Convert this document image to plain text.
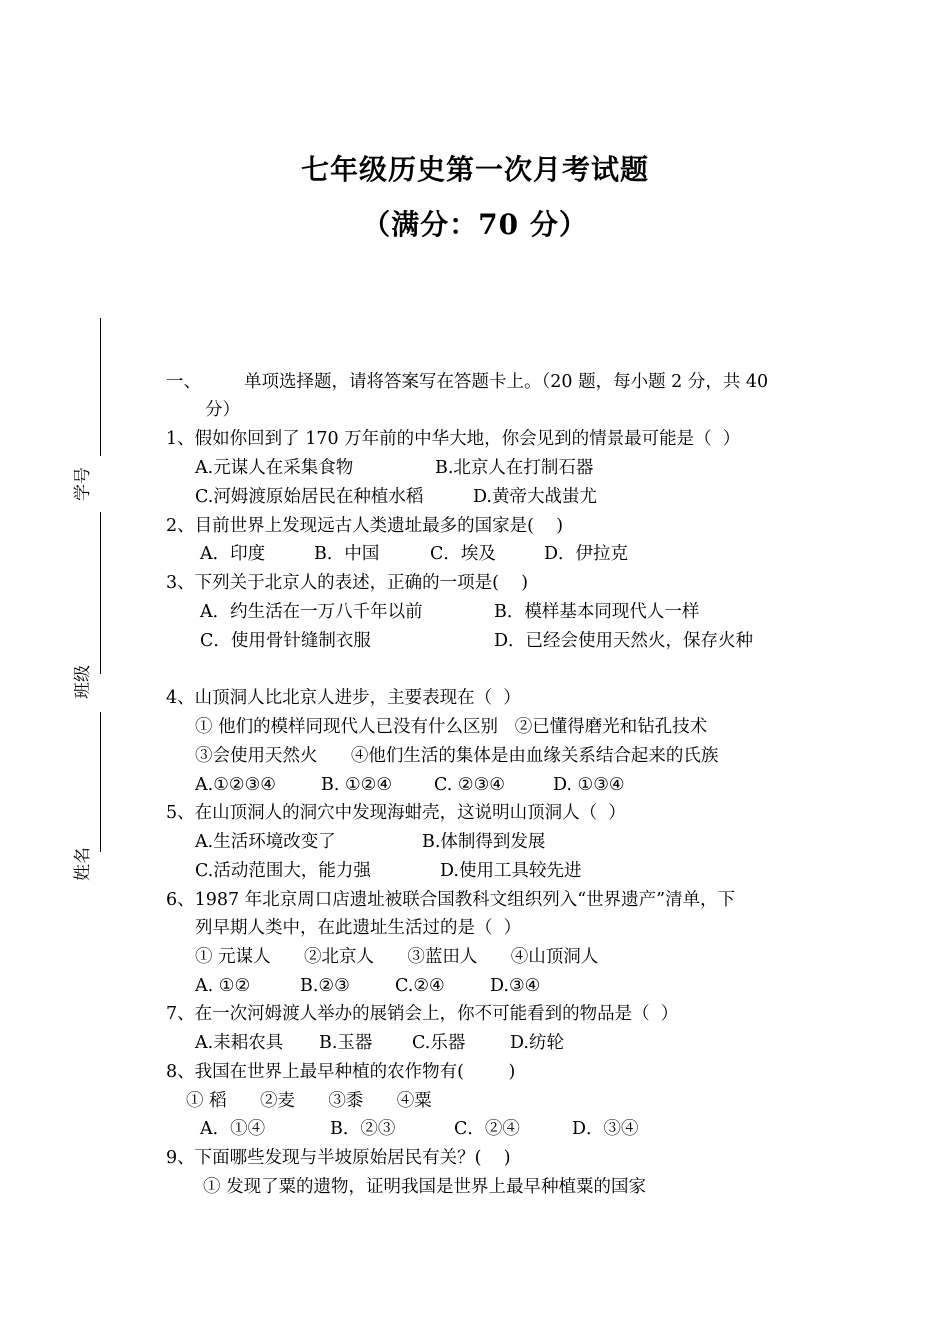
七年级历史第一次月考试题
（满分：70 分）
学号
班级
姓名
一、 单项选择题，请将答案写在答题卡上。（20 题，每小题 2 分，共 40
分）
1、假如你回到了 170 万年前的中华大地，你会见到的情景最可能是（  ）
A.元谋人在采集食物	B.北京人在打制石器
C.河姆渡原始居民在种植水稻	D.黄帝大战蚩尤
2、目前世界上发现远古人类遗址最多的国家是(    )
A．印度	B．中国	C．埃及	D．伊拉克
3、下列关于北京人的表述，正确的一项是(    )
A．约生活在一万八千年以前	B．模样基本同现代人一样
C．使用骨针缝制衣服	D．已经会使用天然火，保存火种
4、山顶洞人比北京人进步，主要表现在（  ）
① 他们的模样同现代人已没有什么区别   ②已懂得磨光和钻孔技术
③会使用天然火      ④他们生活的集体是由血缘关系结合起来的氏族
A.①②③④	B. ①②④ C. ②③④	D. ①③④
5、在山顶洞人的洞穴中发现海蚶壳，这说明山顶洞人（  ）
A.生活环境改变了	B.体制得到发展
C.活动范围大，能力强	D.使用工具较先进
6、1987 年北京周口店遗址被联合国教科文组织列入“世界遗产”清单，下
列早期人类中，在此遗址生活过的是（  ）
① 元谋人      ②北京人      ③蓝田人      ④山顶洞人
A. ①②	B.②③	C.②④	D.③④
7、在一次河姆渡人举办的展销会上，你不可能看到的物品是（  ）
A.耒耜农具 B.玉器 C.乐器	D.纺轮
8、我国在世界上最早种植的农作物有(        )
① 稻      ②麦      ③黍      ④粟
A．①④	B．②③	C．②④	D．③④
9、下面哪些发现与半坡原始居民有关？(    )
① 发现了粟的遗物，证明我国是世界上最早种植粟的国家
